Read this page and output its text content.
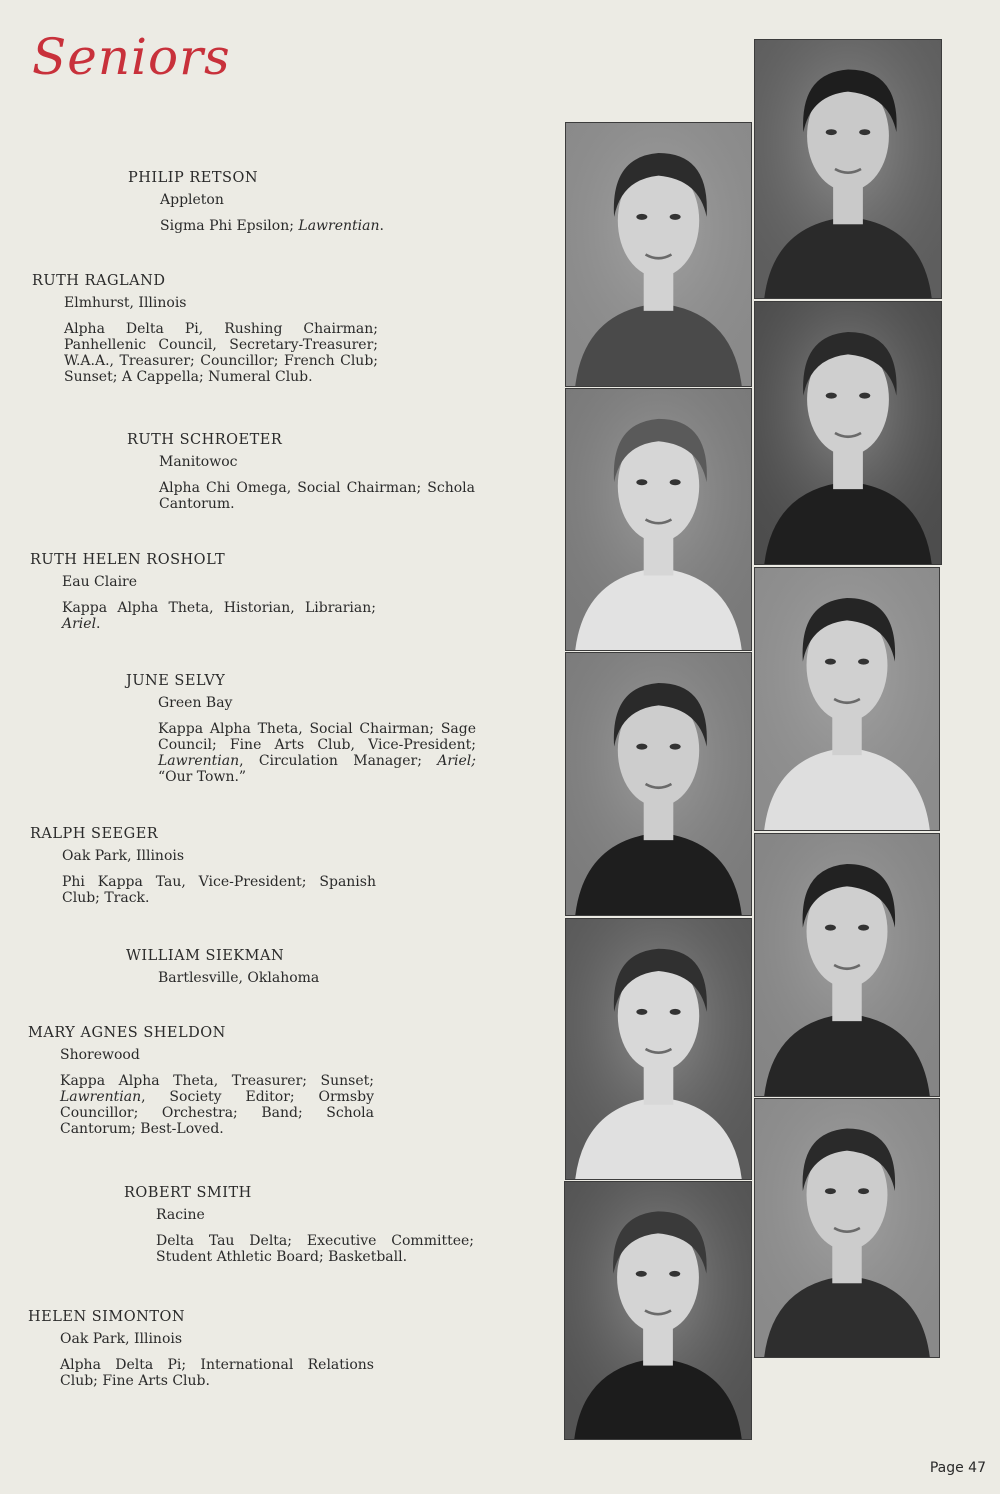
Seniors
PHILIP RETSON
Appleton
Sigma Phi Epsilon; Lawrentian.
RUTH RAGLAND
Elmhurst, Illinois
Alpha Delta Pi, Rushing Chairman; Panhellenic Council, Secretary-Treasurer; W.A.A., Treasurer; Councillor; French Club; Sunset; A Cappella; Numeral Club.
RUTH SCHROETER
Manitowoc
Alpha Chi Omega, Social Chairman; Schola Cantorum.
RUTH HELEN ROSHOLT
Eau Claire
Kappa Alpha Theta, Historian, Librarian; Ariel.
JUNE SELVY
Green Bay
Kappa Alpha Theta, Social Chairman; Sage Council; Fine Arts Club, Vice-President; Lawrentian, Circulation Manager; Ariel; “Our Town.”
RALPH SEEGER
Oak Park, Illinois
Phi Kappa Tau, Vice-President; Spanish Club; Track.
WILLIAM SIEKMAN
Bartlesville, Oklahoma
MARY AGNES SHELDON
Shorewood
Kappa Alpha Theta, Treasurer; Sunset; Lawrentian, Society Editor; Ormsby Councillor; Orchestra; Band; Schola Cantorum; Best-Loved.
ROBERT SMITH
Racine
Delta Tau Delta; Executive Committee; Student Athletic Board; Basketball.
HELEN SIMONTON
Oak Park, Illinois
Alpha Delta Pi; International Relations Club; Fine Arts Club.
Page 47
